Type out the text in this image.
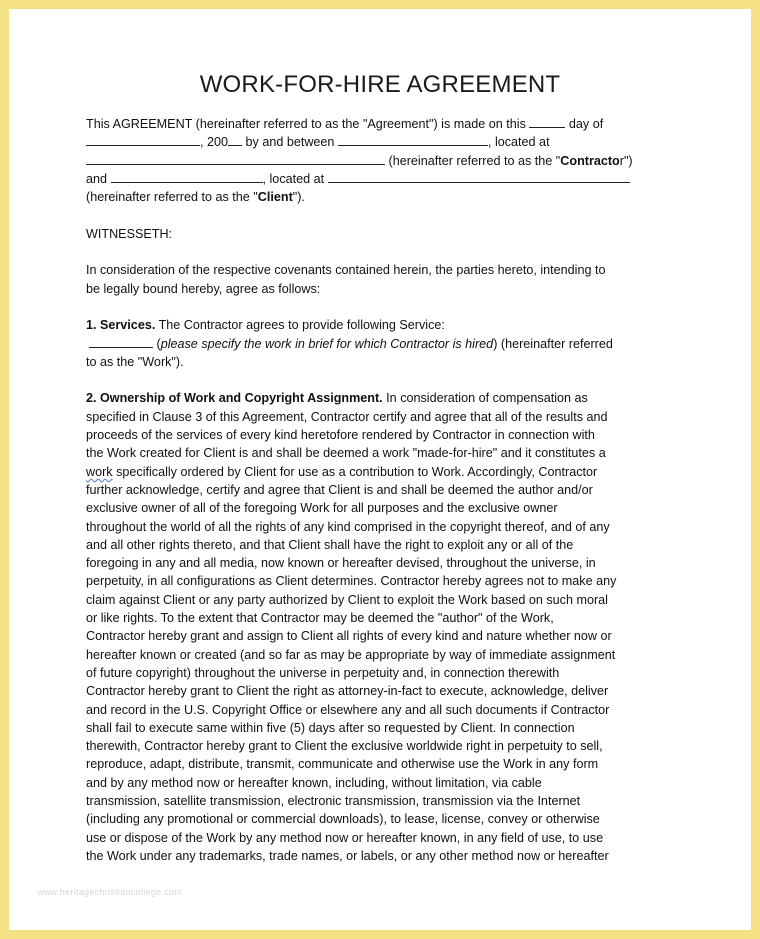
WORK-FOR-HIRE AGREEMENT
This AGREEMENT (hereinafter referred to as the "Agreement") is made on this	day of
, 200 by and between	, located at
(hereinafter referred to as the "Contractor")
and	, located at
(hereinafter referred to as the "Client").
WITNESSETH:
In consideration of the respective covenants contained herein, the parties hereto, intending to
be legally bound hereby, agree as follows:
1. Services. The Contractor agrees to provide following Service:
(please specify the work in brief for which Contractor is hired) (hereinafter referred
to as the "Work").
2. Ownership of Work and Copyright Assignment. In consideration of compensation as
specified in Clause 3 of this Agreement, Contractor certify and agree that all of the results and
proceeds of the services of every kind heretofore rendered by Contractor in connection with
the Work created for Client is and shall be deemed a work "made-for-hire" and it constitutes a
work specifically ordered by Client for use as a contribution to Work. Accordingly, Contractor
further acknowledge, certify and agree that Client is and shall be deemed the author and/or
exclusive owner of all of the foregoing Work for all purposes and the exclusive owner
throughout the world of all the rights of any kind comprised in the copyright thereof, and of any
and all other rights thereto, and that Client shall have the right to exploit any or all of the
foregoing in any and all media, now known or hereafter devised, throughout the universe, in
perpetuity, in all configurations as Client determines. Contractor hereby agrees not to make any
claim against Client or any party authorized by Client to exploit the Work based on such moral
or like rights. To the extent that Contractor may be deemed the "author" of the Work,
Contractor hereby grant and assign to Client all rights of every kind and nature whether now or
hereafter known or created (and so far as may be appropriate by way of immediate assignment
of future copyright) throughout the universe in perpetuity and, in connection therewith
Contractor hereby grant to Client the right as attorney-in-fact to execute, acknowledge, deliver
and record in the U.S. Copyright Office or elsewhere any and all such documents if Contractor
shall fail to execute same within five (5) days after so requested by Client. In connection
therewith, Contractor hereby grant to Client the exclusive worldwide right in perpetuity to sell,
reproduce, adapt, distribute, transmit, communicate and otherwise use the Work in any form
and by any method now or hereafter known, including, without limitation, via cable
transmission, satellite transmission, electronic transmission, transmission via the Internet
(including any promotional or commercial downloads), to lease, license, convey or otherwise
use or dispose of the Work by any method now or hereafter known, in any field of use, to use
the Work under any trademarks, trade names, or labels, or any other method now or hereafter
www.heritagechristiancollege.com
